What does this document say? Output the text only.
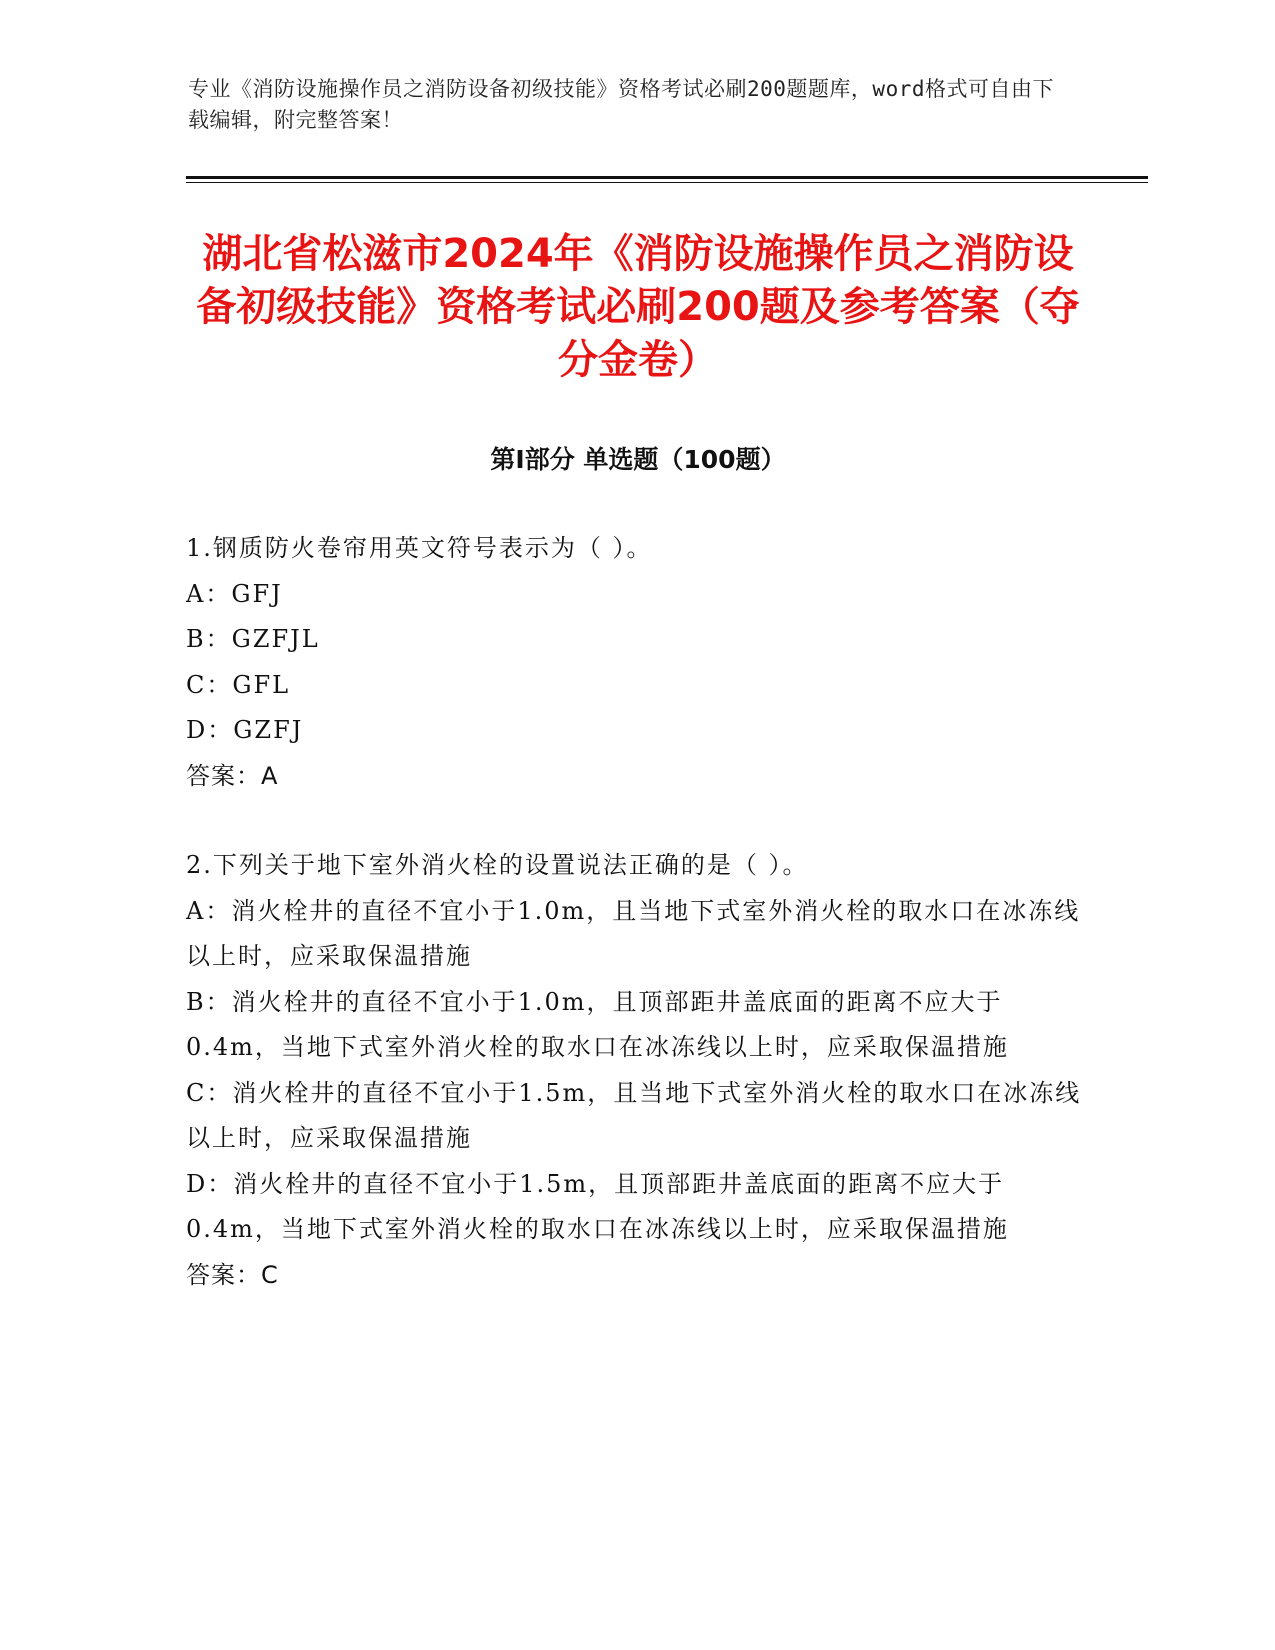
专业《消防设施操作员之消防设备初级技能》资格考试必刷200题题库，word格式可自由下载编辑，附完整答案！
湖北省松滋市2024年《消防设施操作员之消防设备初级技能》资格考试必刷200题及参考答案（夺分金卷）
第Ⅰ部分 单选题（100题）

1.钢质防火卷帘用英文符号表示为（ ）。

A：GFJ

B：GZFJL

C：GFL

D：GZFJ

答案：A

2.下列关于地下室外消火栓的设置说法正确的是（ ）。

A：消火栓井的直径不宜小于1.0m，且当地下式室外消火栓的取水口在冰冻线以上时，应采取保温措施

B：消火栓井的直径不宜小于1.0m，且顶部距井盖底面的距离不应大于0.4m，当地下式室外消火栓的取水口在冰冻线以上时，应采取保温措施

C：消火栓井的直径不宜小于1.5m，且当地下式室外消火栓的取水口在冰冻线以上时，应采取保温措施

D：消火栓井的直径不宜小于1.5m，且顶部距井盖底面的距离不应大于0.4m，当地下式室外消火栓的取水口在冰冻线以上时，应采取保温措施

答案：C
